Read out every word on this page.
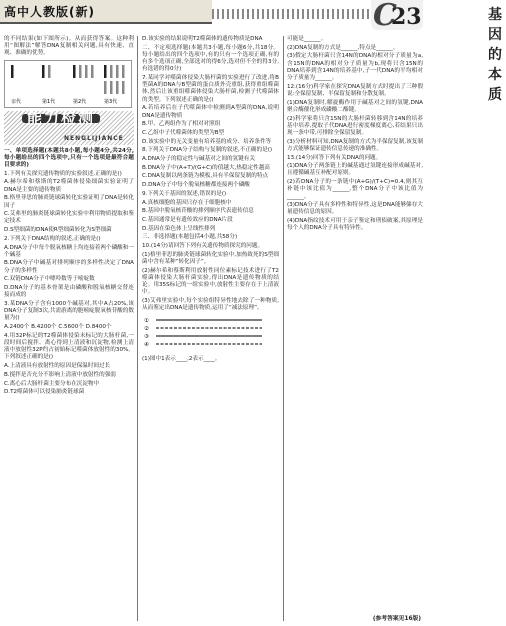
高中人教版(新)	基因的本质
C
23

的不同结果(如下图所示)。从而获得答案。这种利用“图解法”解答DNA复制相关问题,具有快速、直观、准确的优势。

亲代	第1代	第2代	第3代
能力检测
NENGLIJIANCE

一、单项选择题(本题共8小题,每小题4分,共24分,每小题给出的四个选项中,只有一个选项是最符合题目要求的)

1.下列有关探究遗传物质的实验叙述,正确的是()

A.赫尔希和蔡斯的T2噬菌体侵染细菌实验证明了DNA是主要的遗传物质

B.格里菲思的肺炎链球菌转化实验证明了DNA是转化因子

C.艾弗里的肺炎链球菌转化实验中利用物质提取和鉴定技术

D.S型细菌的DNA使R型细菌转化为S型细菌

2.下列关于DNA结构的叙述,正确的是()

A.DNA分子中每个脱氧核糖上均连接着两个磷酸和一个碱基

B.DNA分子中碱基对排列顺序的多样性决定了DNA分子的多样性

C.双链DNA分子中嘌呤数等于嘧啶数

D.DNA分子的基本骨架是由磷酸和脱氧核糖交替连接而成的

3.某DNA分子含有1000个碱基对,其中A占20%,该DNA分子复制3次,共需游离的胞嘧啶脱氧核苷酸的数量为()

A.2400个 B.4200个 C.5600个 D.8400个

4.用32P标记的T2噬菌体侵染未标记的大肠杆菌,一段时间后搅拌、离心得到上清液和沉淀物,检测上清液中放射性32P约占初始标记噬菌体放射性的30%。下列叙述正确的是()

A.上清液具有放射性的原因是保温时间过长

B.搅拌是否充分不影响上清液中放射性的强弱

C.离心后大肠杆菌主要分布在沉淀物中

D.T2噬菌体可以侵染肺炎链球菌

D.该实验的结果说明T2噬菌体的遗传物质是DNA

二、不定项选择题(本题共3小题,每小题6分,共18分。每小题给出的四个选项中,有的只有一个选项正确,有的有多个选项正确,全部选对的得6分,选对但不全的得3分,有选错的得0分)

7.某同学对噬菌体侵染大肠杆菌的实验进行了改进,将B型菌A的DNA与B型菌的蛋白质外壳重组,获得重组噬菌体,然后让该重组噬菌体侵染大肠杆菌,检测子代噬菌体的类型。下列叙述正确的是()

A.若培养后在子代噬菌体中检测到A型菌的DNA,说明DNA是遗传物质

B.甲、乙两组作为了相对对照组

C.乙组中子代噬菌体的类型为B型

D.该实验中的无关变量有培养基的成分、培养条件等

8.下列关于DNA分子结构与复制的叙述,不正确的是()

A.DNA分子的稳定性与碱基对之间的氢键有关

B.DNA分子中(A+T)/(G+C)的值越大,热稳定性越高

C.DNA复制以两条链为模板,具有半保留复制的特点

D.DNA分子中每个脱氧核糖都连接两个磷酸

9.下列关于基因的叙述,错误的是()

A.真核细胞的基因只存在于细胞核中

B.基因中脱氧核苷酸的排列顺序代表遗传信息

C.基因通常是有遗传效应的DNA片段

D.基因在染色体上呈线性排列

三、非选择题(本题包括4小题,共58分)

10.(14分)请回答下列有关遗传物质探究的问题。

(1)格里菲思的肺炎链球菌转化实验中,加热致死的S型细菌中含有某种“转化因子”。

(2)赫尔希和蔡斯利用放射性同位素标记技术进行了T2噬菌体侵染大肠杆菌实验,得出DNA是遗传物质的结论。用35S标记的一组实验中,放射性主要存在于上清液中。

(3)艾弗里实验中,每个实验组特异性地去除了一种物质,从而鉴定出DNA是遗传物质,运用了“减法原理”。

①
②
③
④

(1)图中1表示____,2表示____。

可能是______。

(2)DNA复制的方式是______,特点是______。

(3)假定大肠杆菌只含14N的DNA的相对分子质量为a,含15N的DNA的相对分子质量为b,现将只含15N的DNA培养到含14N的培养基中,子一代DNA的平均相对分子质量为______。

12.(16分)科学家在探究DNA复制方式时提出了三种假说:全保留复制、半保留复制和分散复制。

(1)DNA复制时,解旋酶作用于碱基对之间的氢键,DNA聚合酶催化形成磷酸二酯键。

(2)科学家将只含15N的大肠杆菌转移到含14N的培养基中培养,提取子代DNA进行密度梯度离心,若结果只出现一条中带,可排除全保留复制。

(3)分析材料可知,DNA复制的方式为半保留复制,该复制方式能够保证遗传信息传递的准确性。

13.(14分)回答下列有关DNA的问题。

(1)DNA分子两条链上的碱基通过氢键连接形成碱基对,且遵循碱基互补配对原则。

(2)若DNA分子的一条链中(A+G)/(T+C)=0.4,则其互补链中该比值为______,整个DNA分子中该比值为______。

(3)DNA分子具有多样性和特异性,这是DNA能够储存大量遗传信息的原因。

(4)DNA指纹技术可用于亲子鉴定和刑侦破案,其原理是每个人的DNA分子具有特异性。

(参考答案见16版)
